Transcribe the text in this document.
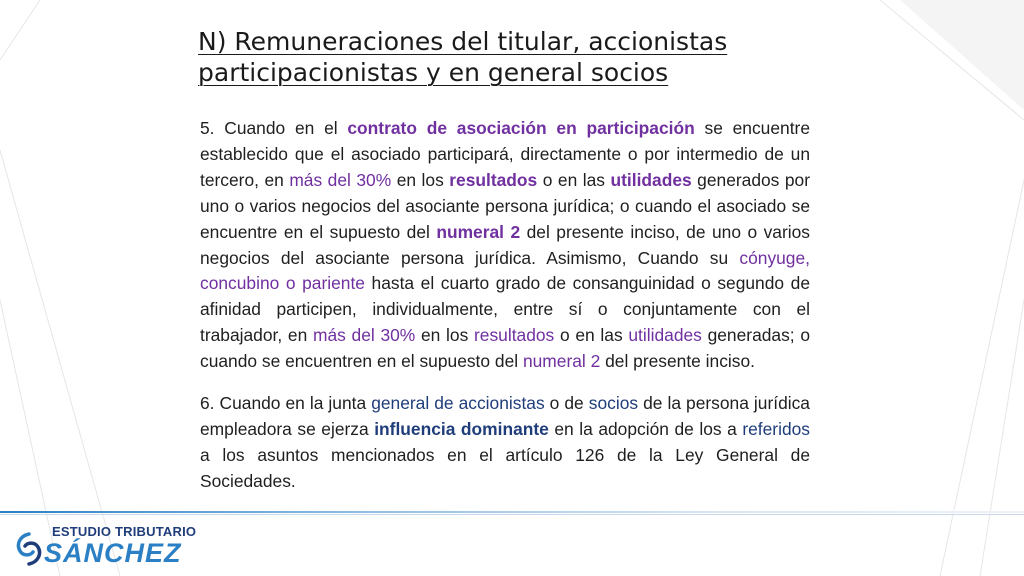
N) Remuneraciones del titular, accionistas participacionistas y en general socios

5. Cuando en el contrato de asociación en participación se encuentre establecido que el asociado participará, directamente o por intermedio de un tercero, en más del 30% en los resultados o en las utilidades generados por uno o varios negocios del asociante persona jurídica; o cuando el asociado se encuentre en el supuesto del numeral 2 del presente inciso, de uno o varios negocios del asociante persona jurídica. Asimismo, Cuando su cónyuge, concubino o pariente hasta el cuarto grado de consanguinidad o segundo de afinidad participen, individualmente, entre sí o conjuntamente con el trabajador, en más del 30% en los resultados o en las utilidades generadas; o cuando se encuentren en el supuesto del numeral 2 del presente inciso.

6. Cuando en la junta general de accionistas o de socios de la persona jurídica empleadora se ejerza influencia dominante en la adopción de los a referidos a los asuntos mencionados en el artículo 126 de la Ley General de Sociedades.

ESTUDIO TRIBUTARIO
SÁNCHEZ
